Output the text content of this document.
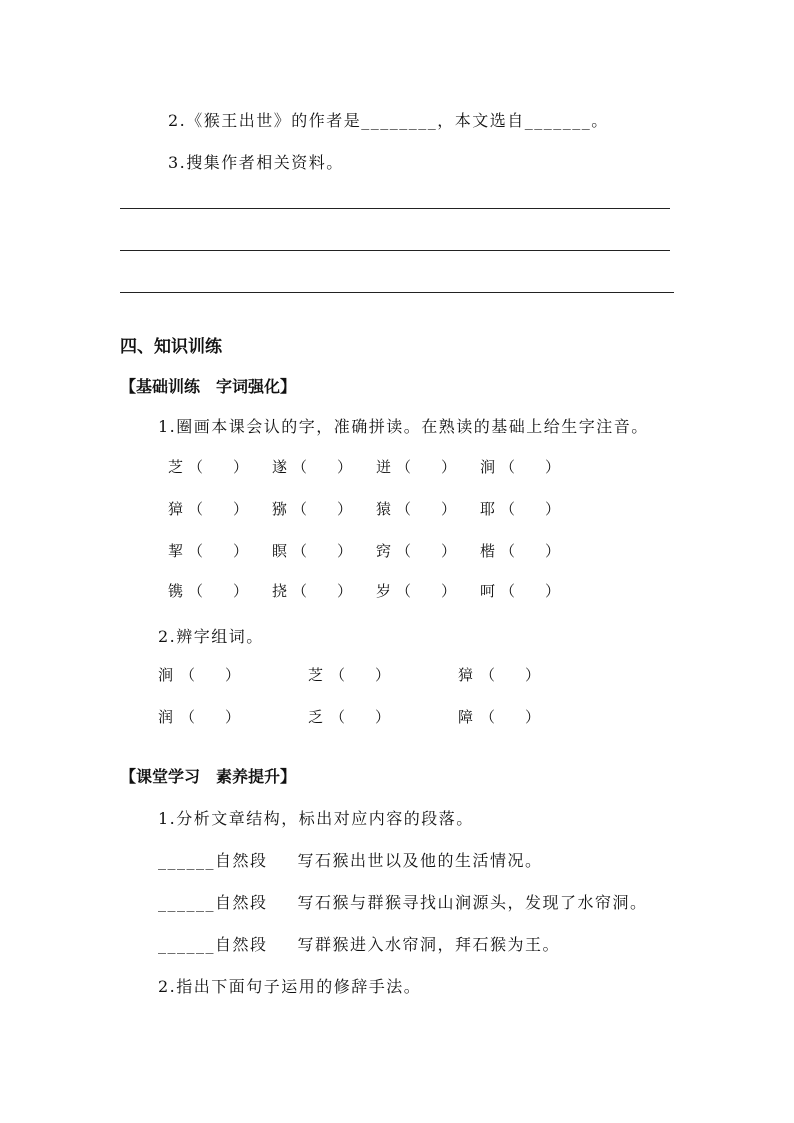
2.《猴王出世》的作者是________，本文选自_______。
3.搜集作者相关资料。
四、知识训练
【基础训练　字词强化】
1.圈画本课会认的字，准确拼读。在熟读的基础上给生字注音。
芝 （　　） 遂 （　　） 迸 （　　） 涧 （　　）
獐 （　　） 猕 （　　） 猿 （　　） 耶 （　　）
挈 （　　） 瞑 （　　） 窍 （　　） 楷 （　　）
镌 （　　） 挠 （　　） 岁 （　　） 呵 （　　）
2.辨字组词。
涧 （　　）	芝 （　　）	獐 （　　）
润 （　　）	乏 （　　）	障 （　　）
【课堂学习　素养提升】
1.分析文章结构，标出对应内容的段落。
______自然段 写石猴出世以及他的生活情况。
______自然段 写石猴与群猴寻找山涧源头，发现了水帘洞。
______自然段 写群猴进入水帘洞，拜石猴为王。
2.指出下面句子运用的修辞手法。
